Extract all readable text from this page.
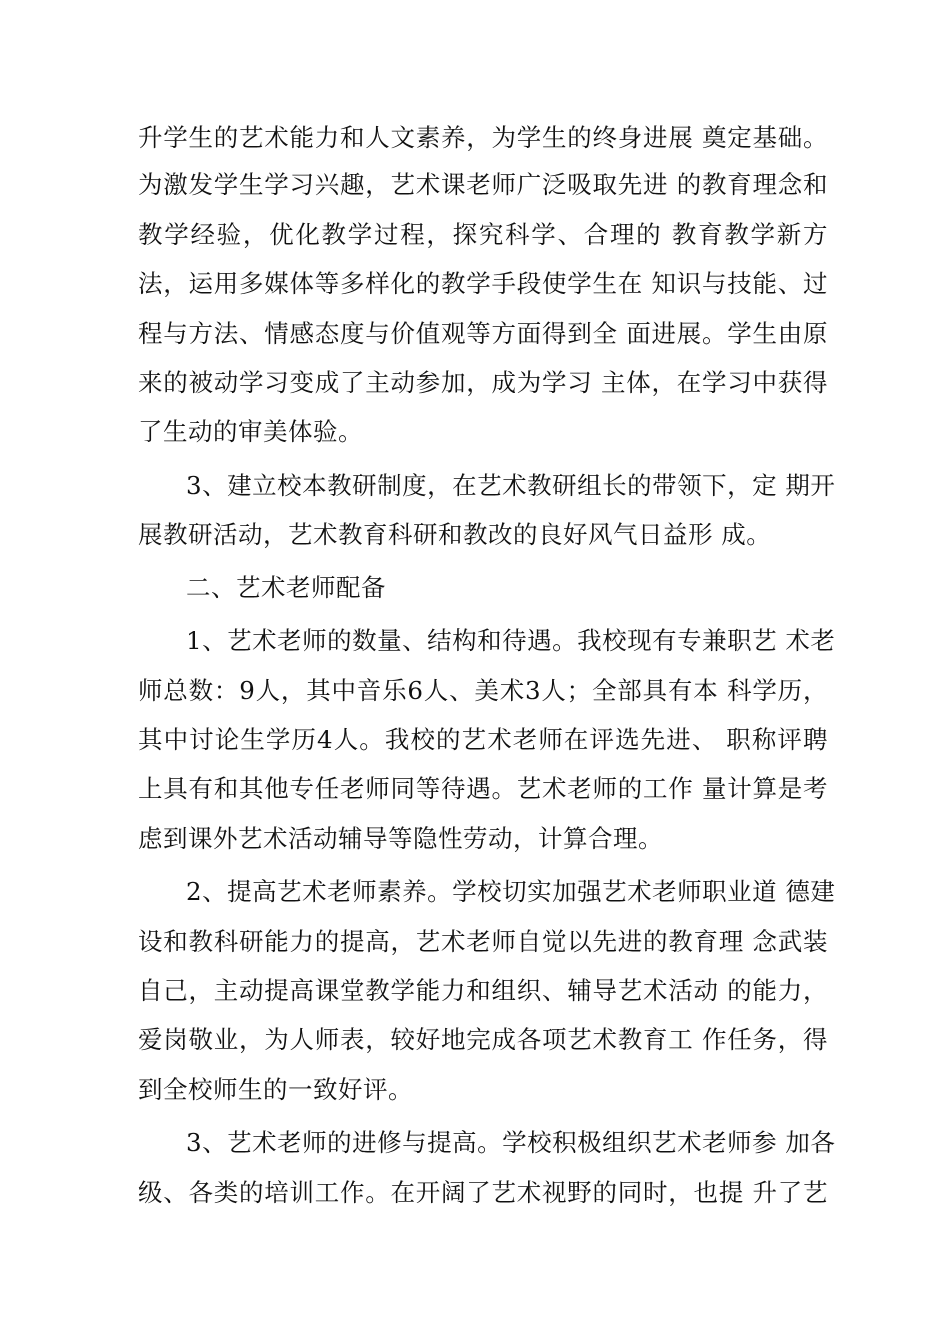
升学生的艺术能力和人文素养，为学生的终身进展 奠定基础。
为激发学生学习兴趣，艺术课老师广泛吸取先进 的教育理念和
教学经验，优化教学过程，探究科学、合理的 教育教学新方
法，运用多媒体等多样化的教学手段使学生在 知识与技能、过
程与方法、情感态度与价值观等方面得到全 面进展。学生由原
来的被动学习变成了主动参加，成为学习 主体，在学习中获得
了生动的审美体验。
3、建立校本教研制度，在艺术教研组长的带领下，定 期开
展教研活动，艺术教育科研和教改的良好风气日益形 成。
二、艺术老师配备
1、艺术老师的数量、结构和待遇。我校现有专兼职艺 术老
师总数：9人，其中音乐6人、美术3人；全部具有本 科学历，
其中讨论生学历4人。我校的艺术老师在评选先进、 职称评聘
上具有和其他专任老师同等待遇。艺术老师的工作 量计算是考
虑到课外艺术活动辅导等隐性劳动，计算合理。
2、提高艺术老师素养。学校切实加强艺术老师职业道 德建
设和教科研能力的提高，艺术老师自觉以先进的教育理 念武装
自己，主动提高课堂教学能力和组织、辅导艺术活动 的能力，
爱岗敬业，为人师表，较好地完成各项艺术教育工 作任务，得
到全校师生的一致好评。
3、艺术老师的进修与提高。学校积极组织艺术老师参 加各
级、各类的培训工作。在开阔了艺术视野的同时，也提 升了艺
